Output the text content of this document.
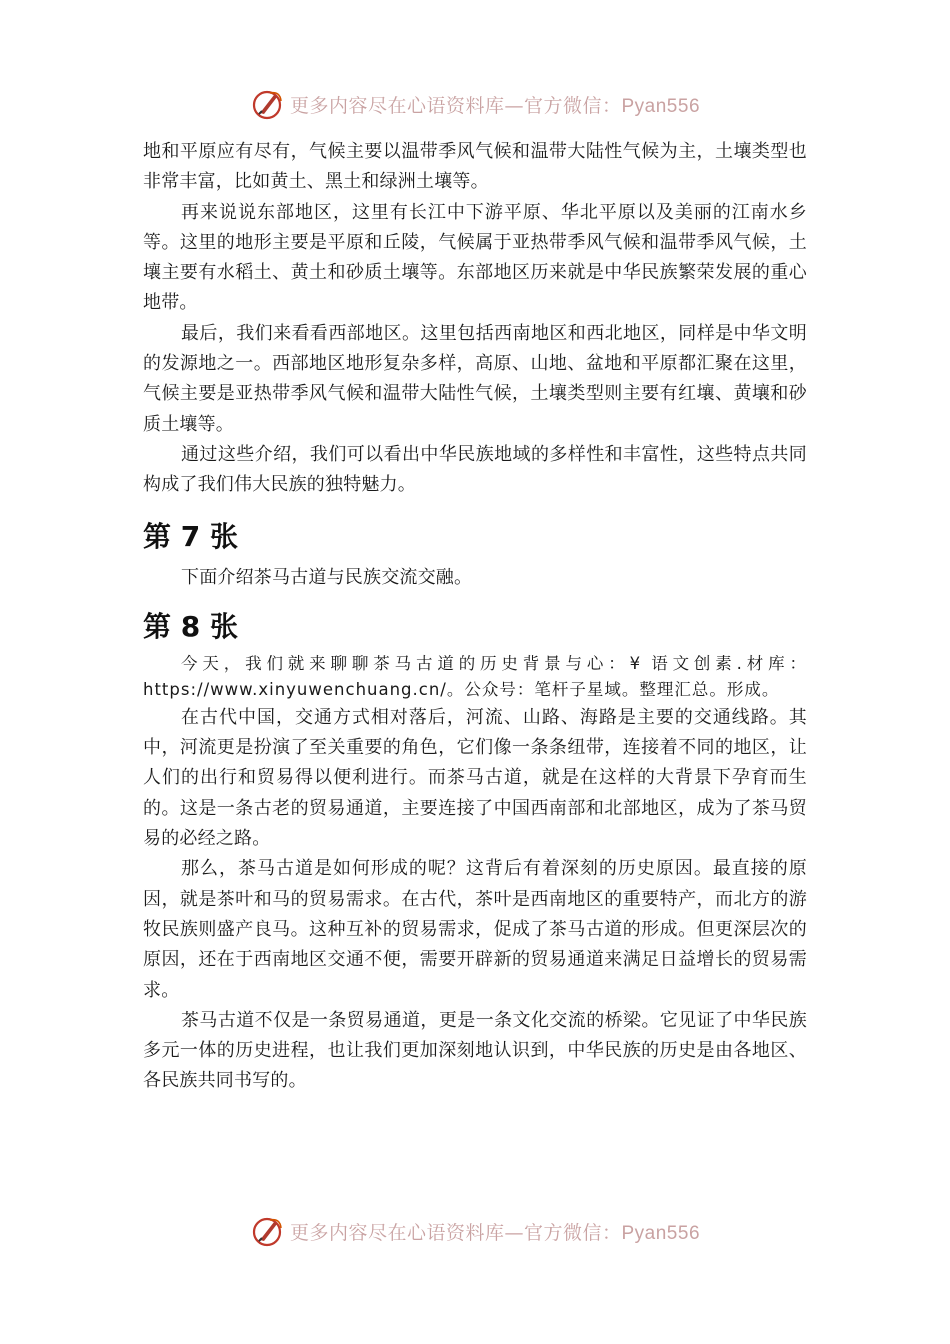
更多内容尽在心语资料库—官方微信：Pyan556

地和平原应有尽有，气候主要以温带季风气候和温带大陆性气候为主，土壤类型也非常丰富，比如黄土、黑土和绿洲土壤等。

再来说说东部地区，这里有长江中下游平原、华北平原以及美丽的江南水乡等。这里的地形主要是平原和丘陵，气候属于亚热带季风气候和温带季风气候，土壤主要有水稻土、黄土和砂质土壤等。东部地区历来就是中华民族繁荣发展的重心地带。

最后，我们来看看西部地区。这里包括西南地区和西北地区，同样是中华文明的发源地之一。西部地区地形复杂多样，高原、山地、盆地和平原都汇聚在这里，气候主要是亚热带季风气候和温带大陆性气候，土壤类型则主要有红壤、黄壤和砂质土壤等。

通过这些介绍，我们可以看出中华民族地域的多样性和丰富性，这些特点共同构成了我们伟大民族的独特魅力。

第 7 张

下面介绍茶马古道与民族交流交融。

第 8 张

今天，我们就来聊聊茶马古道的历史背景与心：¥ 语文创素.材库： https://www.xinyuwenchuang.cn/。公众号：笔杆子星域。整理汇总。形成。

在古代中国，交通方式相对落后，河流、山路、海路是主要的交通线路。其中，河流更是扮演了至关重要的角色，它们像一条条纽带，连接着不同的地区，让人们的出行和贸易得以便利进行。而茶马古道，就是在这样的大背景下孕育而生的。这是一条古老的贸易通道，主要连接了中国西南部和北部地区，成为了茶马贸易的必经之路。

那么，茶马古道是如何形成的呢？这背后有着深刻的历史原因。最直接的原因，就是茶叶和马的贸易需求。在古代，茶叶是西南地区的重要特产，而北方的游牧民族则盛产良马。这种互补的贸易需求，促成了茶马古道的形成。但更深层次的原因，还在于西南地区交通不便，需要开辟新的贸易通道来满足日益增长的贸易需求。

茶马古道不仅是一条贸易通道，更是一条文化交流的桥梁。它见证了中华民族多元一体的历史进程，也让我们更加深刻地认识到，中华民族的历史是由各地区、各民族共同书写的。

更多内容尽在心语资料库—官方微信：Pyan556
